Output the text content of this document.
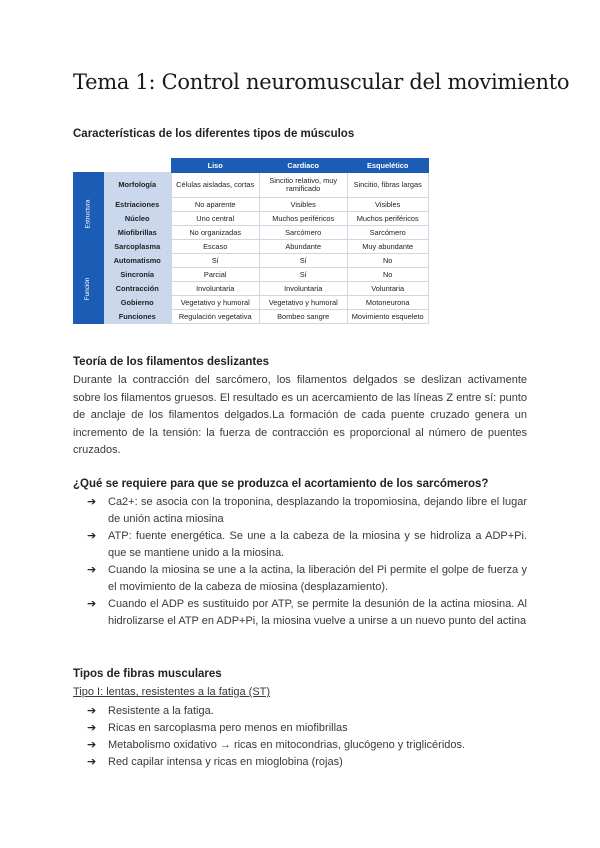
Tema 1: Control neuromuscular del movimiento
Características de los diferentes tipos de músculos
		Liso	Cardiaco	Esquelético
Estructura	Morfología	Células aisladas, cortas	Sincitio relativo, muy ramificado	Sincitio, fibras largas
	Estriaciones	No aparente	Visibles	Visibles
	Núcleo	Uno central	Muchos periféricos	Muchos periféricos
	Miofibrillas	No organizadas	Sarcómero	Sarcómero
	Sarcoplasma	Escaso	Abundante	Muy abundante
Función	Automatismo	Sí	Sí	No
	Sincronía	Parcial	Sí	No
	Contracción	Involuntaria	Involuntaria	Voluntaria
	Gobierno	Vegetativo y humoral	Vegetativo y humoral	Motoneurona
	Funciones	Regulación vegetativa	Bombeo sangre	Movimiento esqueleto
Teoría de los filamentos deslizantes
Durante la contracción del sarcómero, los filamentos delgados se deslizan activamente sobre los filamentos gruesos. El resultado es un acercamiento de las líneas Z entre sí: punto de anclaje de los filamentos delgados.La formación de cada puente cruzado genera un incremento de la tensión: la fuerza de contracción es proporcional al número de puentes cruzados.
¿Qué se requiere para que se produzca el acortamiento de los sarcómeros?
➔ Ca2+: se asocia con la troponina, desplazando la tropomiosina, dejando libre el lugar de unión actina miosina
➔ ATP: fuente energética. Se une a la cabeza de la miosina y se hidroliza a ADP+Pi. que se mantiene unido a la miosina.
➔ Cuando la miosina se une a la actina, la liberación del Pi permite el golpe de fuerza y el movimiento de la cabeza de miosina (desplazamiento).
➔ Cuando el ADP es sustituido por ATP, se permite la desunión de la actina miosina. Al hidrolizarse el ATP en ADP+Pi, la miosina vuelve a unirse a un nuevo punto del actina
Tipos de fibras musculares
Tipo I: lentas, resistentes a la fatiga (ST)
➔ Resistente a la fatiga.
➔ Ricas en sarcoplasma pero menos en miofibrillas
➔ Metabolismo oxidativo → ricas en mitocondrias, glucógeno y triglicéridos.
➔ Red capilar intensa y ricas en mioglobina (rojas)
